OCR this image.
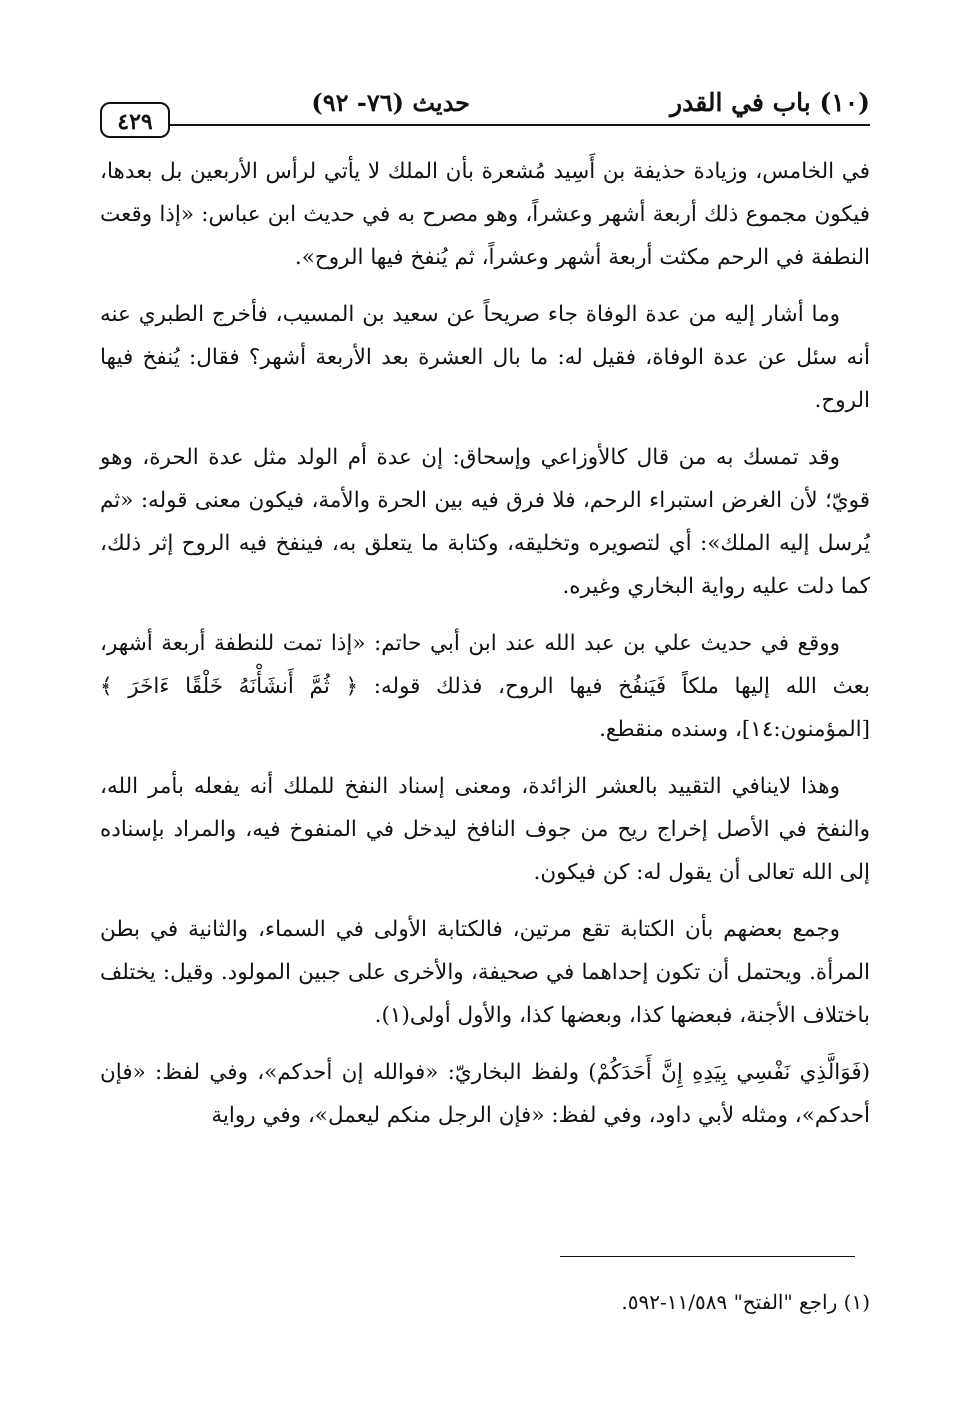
(١٠) باب في القدر
حديث (٧٦- ٩٢)
٤٢٩

في الخامس، وزيادة حذيفة بن أَسِيد مُشعرة بأن الملك لا يأتي لرأس الأربعين بل بعدها، فيكون مجموع ذلك أربعة أشهر وعشراً، وهو مصرح به في حديث ابن عباس: «إذا وقعت النطفة في الرحم مكثت أربعة أشهر وعشراً، ثم يُنفخ فيها الروح».

وما أشار إليه من عدة الوفاة جاء صريحاً عن سعيد بن المسيب، فأخرج الطبري عنه أنه سئل عن عدة الوفاة، فقيل له: ما بال العشرة بعد الأربعة أشهر؟ فقال: يُنفخ فيها الروح.

وقد تمسك به من قال كالأوزاعي وإسحاق: إن عدة أم الولد مثل عدة الحرة، وهو قويّ؛ لأن الغرض استبراء الرحم، فلا فرق فيه بين الحرة والأمة، فيكون معنى قوله: «ثم يُرسل إليه الملك»: أي لتصويره وتخليقه، وكتابة ما يتعلق به، فينفخ فيه الروح إثر ذلك، كما دلت عليه رواية البخاري وغيره.

ووقع في حديث علي بن عبد الله عند ابن أبي حاتم: «إذا تمت للنطفة أربعة أشهر، بعث الله إليها ملكاً فَيَنفُخ فيها الروح، فذلك قوله: ﴿ ثُمَّ أَنشَأْنَهُ خَلْقًا ءَاخَرَ ﴾ [المؤمنون:١٤]، وسنده منقطع.

وهذا لاينافي التقييد بالعشر الزائدة، ومعنى إسناد النفخ للملك أنه يفعله بأمر الله، والنفخ في الأصل إخراج ريح من جوف النافخ ليدخل في المنفوخ فيه، والمراد بإسناده إلى الله تعالى أن يقول له: كن فيكون.

وجمع بعضهم بأن الكتابة تقع مرتين، فالكتابة الأولى في السماء، والثانية في بطن المرأة. ويحتمل أن تكون إحداهما في صحيفة، والأخرى على جبين المولود. وقيل: يختلف باختلاف الأجنة، فبعضها كذا، وبعضها كذا، والأول أولى(١).

(فَوَالَّذِي نَفْسِي بِيَدِهِ إِنَّ أَحَدَكُمْ) ولفظ البخاريّ: «فوالله إن أحدكم»، وفي لفظ: «فإن أحدكم»، ومثله لأبي داود، وفي لفظ: «فإن الرجل منكم ليعمل»، وفي رواية

(١) راجع "الفتح" ١١/٥٨٩-٥٩٢.
